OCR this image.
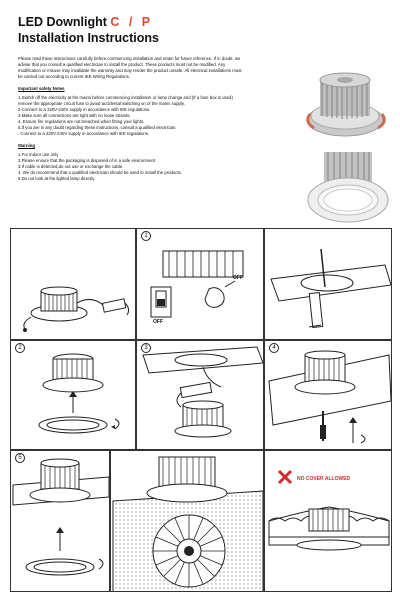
LED Downlight C / P
Installation Instructions
Please read these instructions carefully before commencing installation and retain for future reference. If in doubt, we advise that you consult a qualified electrician to install the product. These products must not be modified. Any modification or misuse may invalidate the warranty and may render the product unsafe. All electrical installations must be carried out according to current IEE Wiring Regulations.
Important safety Notes
1.Switch off the electricity at the mains before commencing installation or lamp change and (If a fuse box is used) remove the appropriate circuit fuse to avoid accidental switching on of the mains supply.
2.Connect to a 220V-240V supply in accordance with IEE regulations.
3.Make sure all connections are tight with no loose strands.
4. Ensure fire regulations are not breached when fitting your lights.
5.If you are in any doubt regarding these instructions, consult a qualified electrician.
. Connect to a 220V-240V supply in accordance with IEE regulations.
Warning
1.For indoor use only
2.Please ensure that the packaging is disposed of in a safe environment
3.If cable is detected,do not use or exchange the cable.
4. We do recommend that a qualified electrician should be used to install the products.
5.Do not look at the lighted lamp directly.
1
OFF
OFF
2	3	4
5
NO COVER ALLOWED
